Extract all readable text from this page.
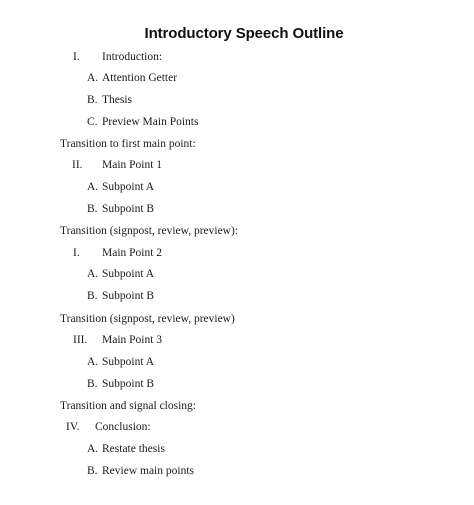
Introductory Speech Outline
I. Introduction:
A. Attention Getter
B. Thesis
C. Preview Main Points
Transition to first main point:
II. Main Point 1
A. Subpoint A
B. Subpoint B
Transition (signpost, review, preview):
I. Main Point 2
A. Subpoint A
B. Subpoint B
Transition (signpost, review, preview)
III. Main Point 3
A. Subpoint A
B. Subpoint B
Transition and signal closing:
IV. Conclusion:
A. Restate thesis
B. Review main points
